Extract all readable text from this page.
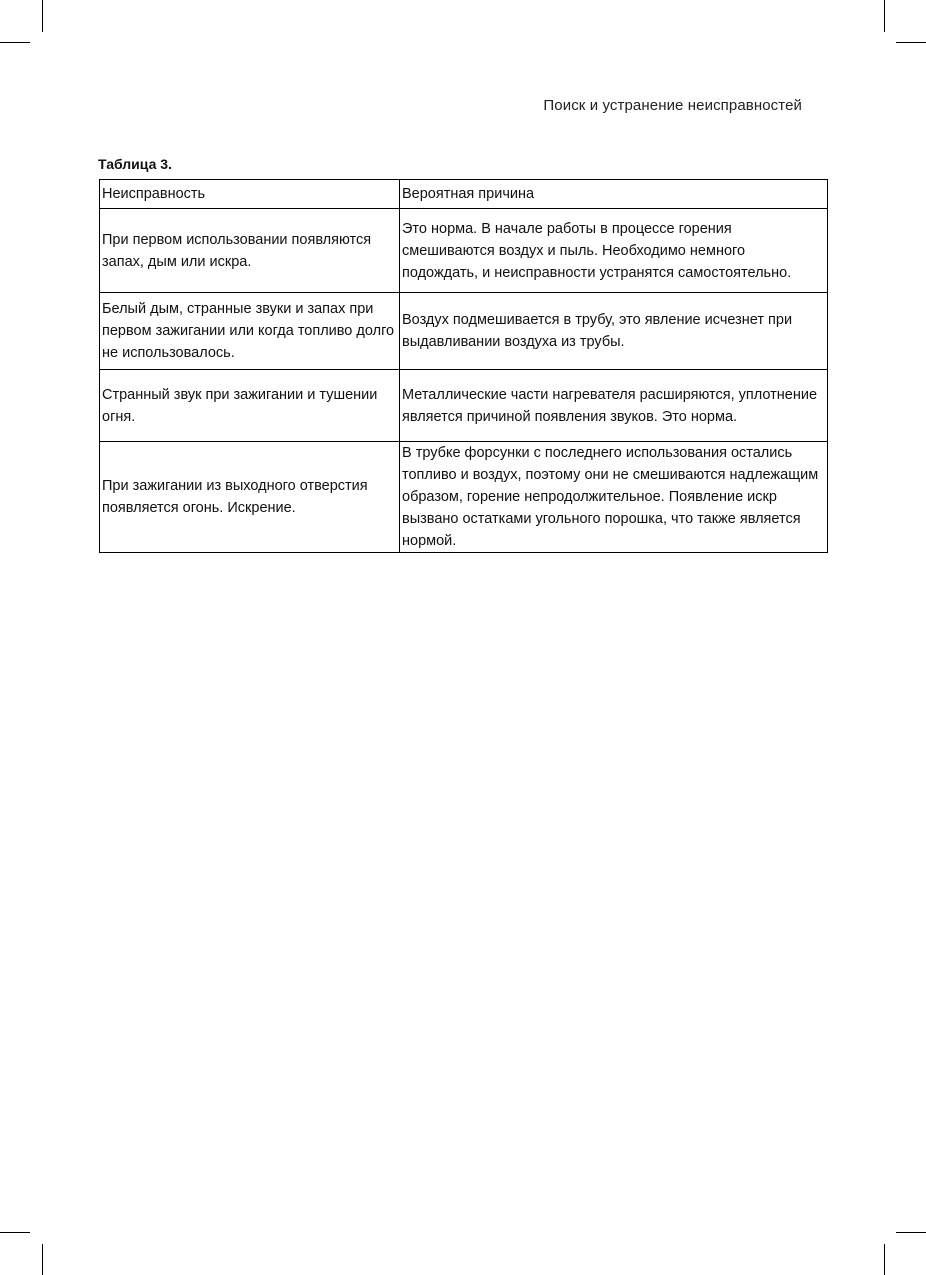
Поиск и устранение неисправностей
Таблица 3.
Неисправность	Вероятная причина
При первом использовании появляются запах, дым или искра.	Это норма. В начале работы в процессе горения смешиваются воздух и пыль. Необходимо немного подождать, и неисправности устранятся самостоятельно.
Белый дым, странные звуки и запах при первом зажигании или когда топливо долго не использовалось.	Воздух подмешивается в трубу, это явление исчезнет при выдавливании воздуха из трубы.
Странный звук при зажигании и тушении огня.	Металлические части нагревателя расширяются, уплотнение является причиной появления звуков. Это норма.
При зажигании из выходного отверстия появляется огонь. Искрение.	В трубке форсунки с последнего использования остались топливо и воздух, поэтому они не смешиваются надлежащим образом, горение непродолжительное. Появление искр вызвано остатками угольного порошка, что также является нормой.
